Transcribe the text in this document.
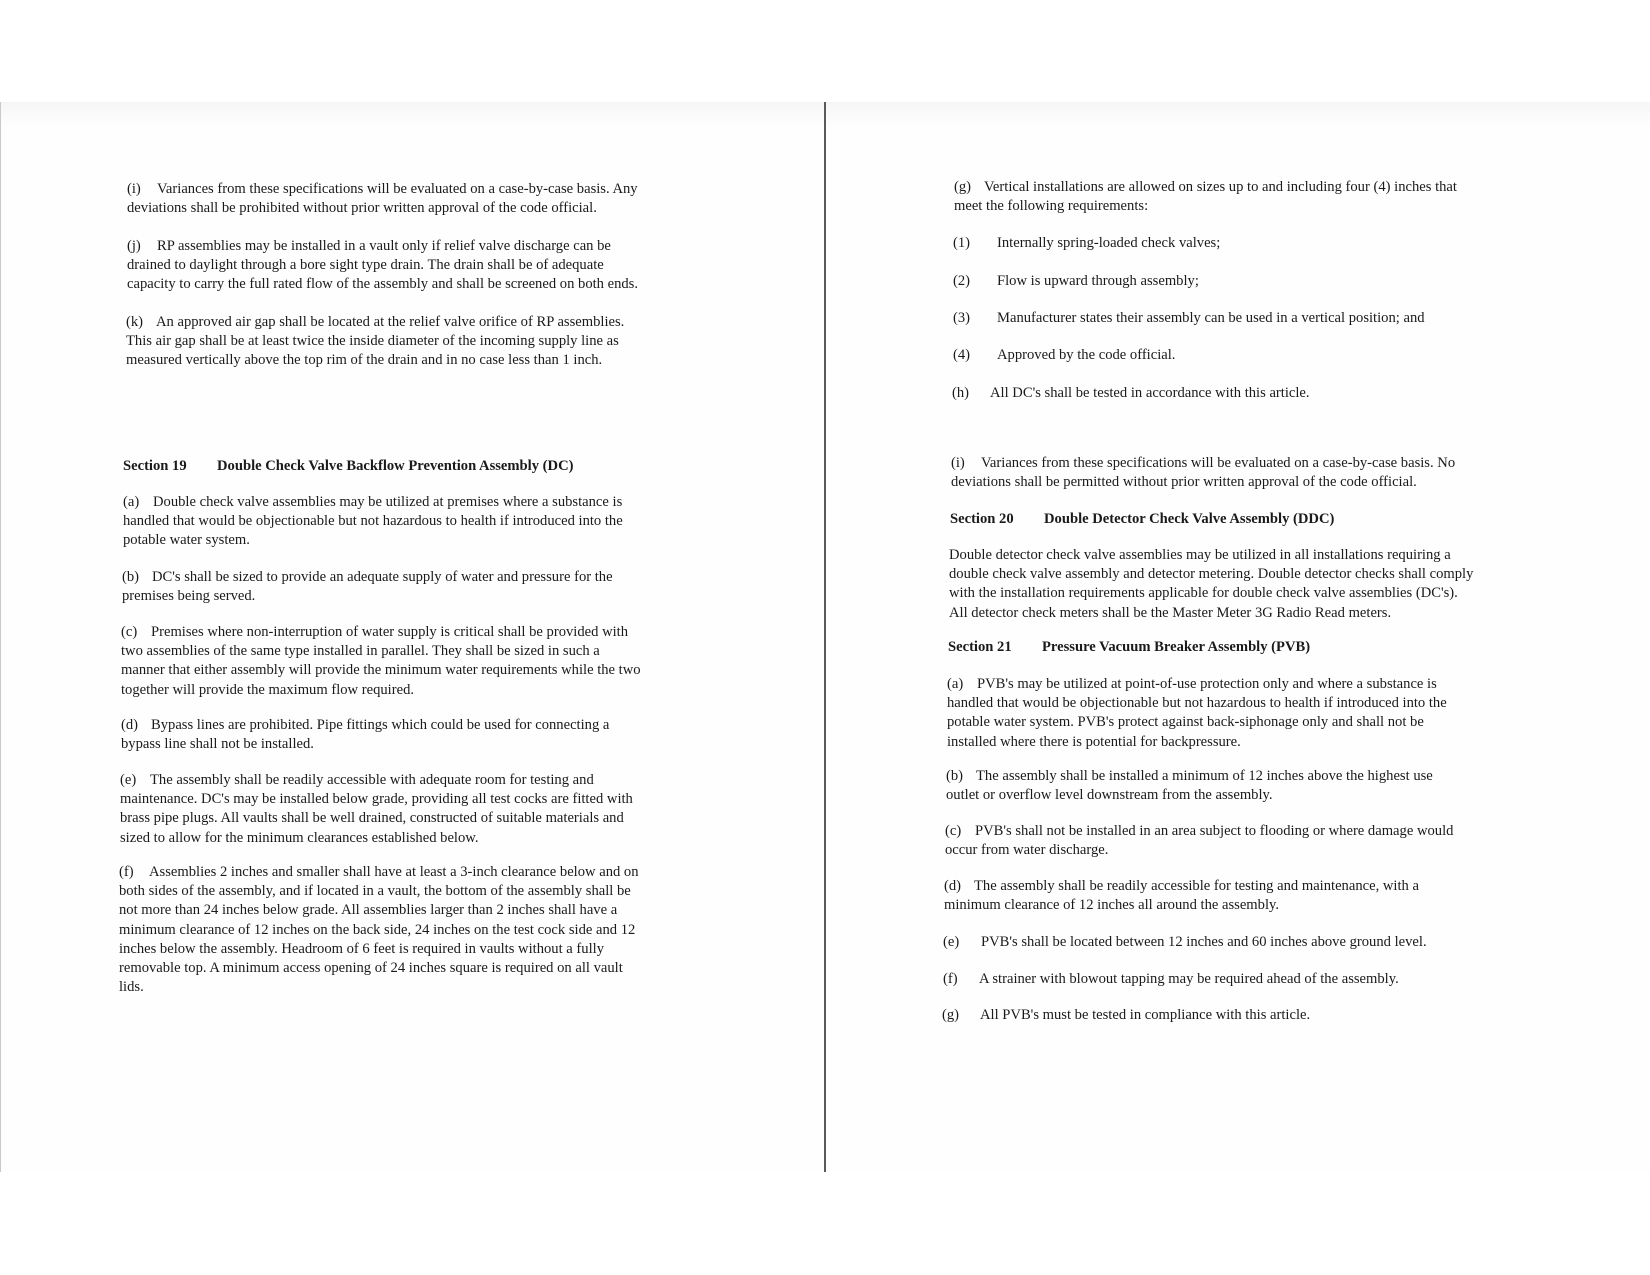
(i) Variances from these specifications will be evaluated on a case-by-case basis. Any
deviations shall be prohibited without prior written approval of the code official.
(j) RP assemblies may be installed in a vault only if relief valve discharge can be
drained to daylight through a bore sight type drain. The drain shall be of adequate
capacity to carry the full rated flow of the assembly and shall be screened on both ends.
(k) An approved air gap shall be located at the relief valve orifice of RP assemblies.
This air gap shall be at least twice the inside diameter of the incoming supply line as
measured vertically above the top rim of the drain and in no case less than 1 inch.
Section 19 Double Check Valve Backflow Prevention Assembly (DC)
(a) Double check valve assemblies may be utilized at premises where a substance is
handled that would be objectionable but not hazardous to health if introduced into the
potable water system.
(b) DC's shall be sized to provide an adequate supply of water and pressure for the
premises being served.
(c) Premises where non-interruption of water supply is critical shall be provided with
two assemblies of the same type installed in parallel. They shall be sized in such a
manner that either assembly will provide the minimum water requirements while the two
together will provide the maximum flow required.
(d) Bypass lines are prohibited. Pipe fittings which could be used for connecting a
bypass line shall not be installed.
(e) The assembly shall be readily accessible with adequate room for testing and
maintenance. DC's may be installed below grade, providing all test cocks are fitted with
brass pipe plugs. All vaults shall be well drained, constructed of suitable materials and
sized to allow for the minimum clearances established below.
(f) Assemblies 2 inches and smaller shall have at least a 3-inch clearance below and on
both sides of the assembly, and if located in a vault, the bottom of the assembly shall be
not more than 24 inches below grade. All assemblies larger than 2 inches shall have a
minimum clearance of 12 inches on the back side, 24 inches on the test cock side and 12
inches below the assembly. Headroom of 6 feet is required in vaults without a fully
removable top. A minimum access opening of 24 inches square is required on all vault
lids.
(g) Vertical installations are allowed on sizes up to and including four (4) inches that
meet the following requirements:
(1) Internally spring-loaded check valves;
(2) Flow is upward through assembly;
(3) Manufacturer states their assembly can be used in a vertical position; and
(4) Approved by the code official.
(h) All DC's shall be tested in accordance with this article.
(i) Variances from these specifications will be evaluated on a case-by-case basis. No
deviations shall be permitted without prior written approval of the code official.
Section 20 Double Detector Check Valve Assembly (DDC)
Double detector check valve assemblies may be utilized in all installations requiring a
double check valve assembly and detector metering. Double detector checks shall comply
with the installation requirements applicable for double check valve assemblies (DC's).
All detector check meters shall be the Master Meter 3G Radio Read meters.
Section 21 Pressure Vacuum Breaker Assembly (PVB)
(a) PVB's may be utilized at point-of-use protection only and where a substance is
handled that would be objectionable but not hazardous to health if introduced into the
potable water system. PVB's protect against back-siphonage only and shall not be
installed where there is potential for backpressure.
(b) The assembly shall be installed a minimum of 12 inches above the highest use
outlet or overflow level downstream from the assembly.
(c) PVB's shall not be installed in an area subject to flooding or where damage would
occur from water discharge.
(d) The assembly shall be readily accessible for testing and maintenance, with a
minimum clearance of 12 inches all around the assembly.
(e) PVB's shall be located between 12 inches and 60 inches above ground level.
(f) A strainer with blowout tapping may be required ahead of the assembly.
(g) All PVB's must be tested in compliance with this article.
